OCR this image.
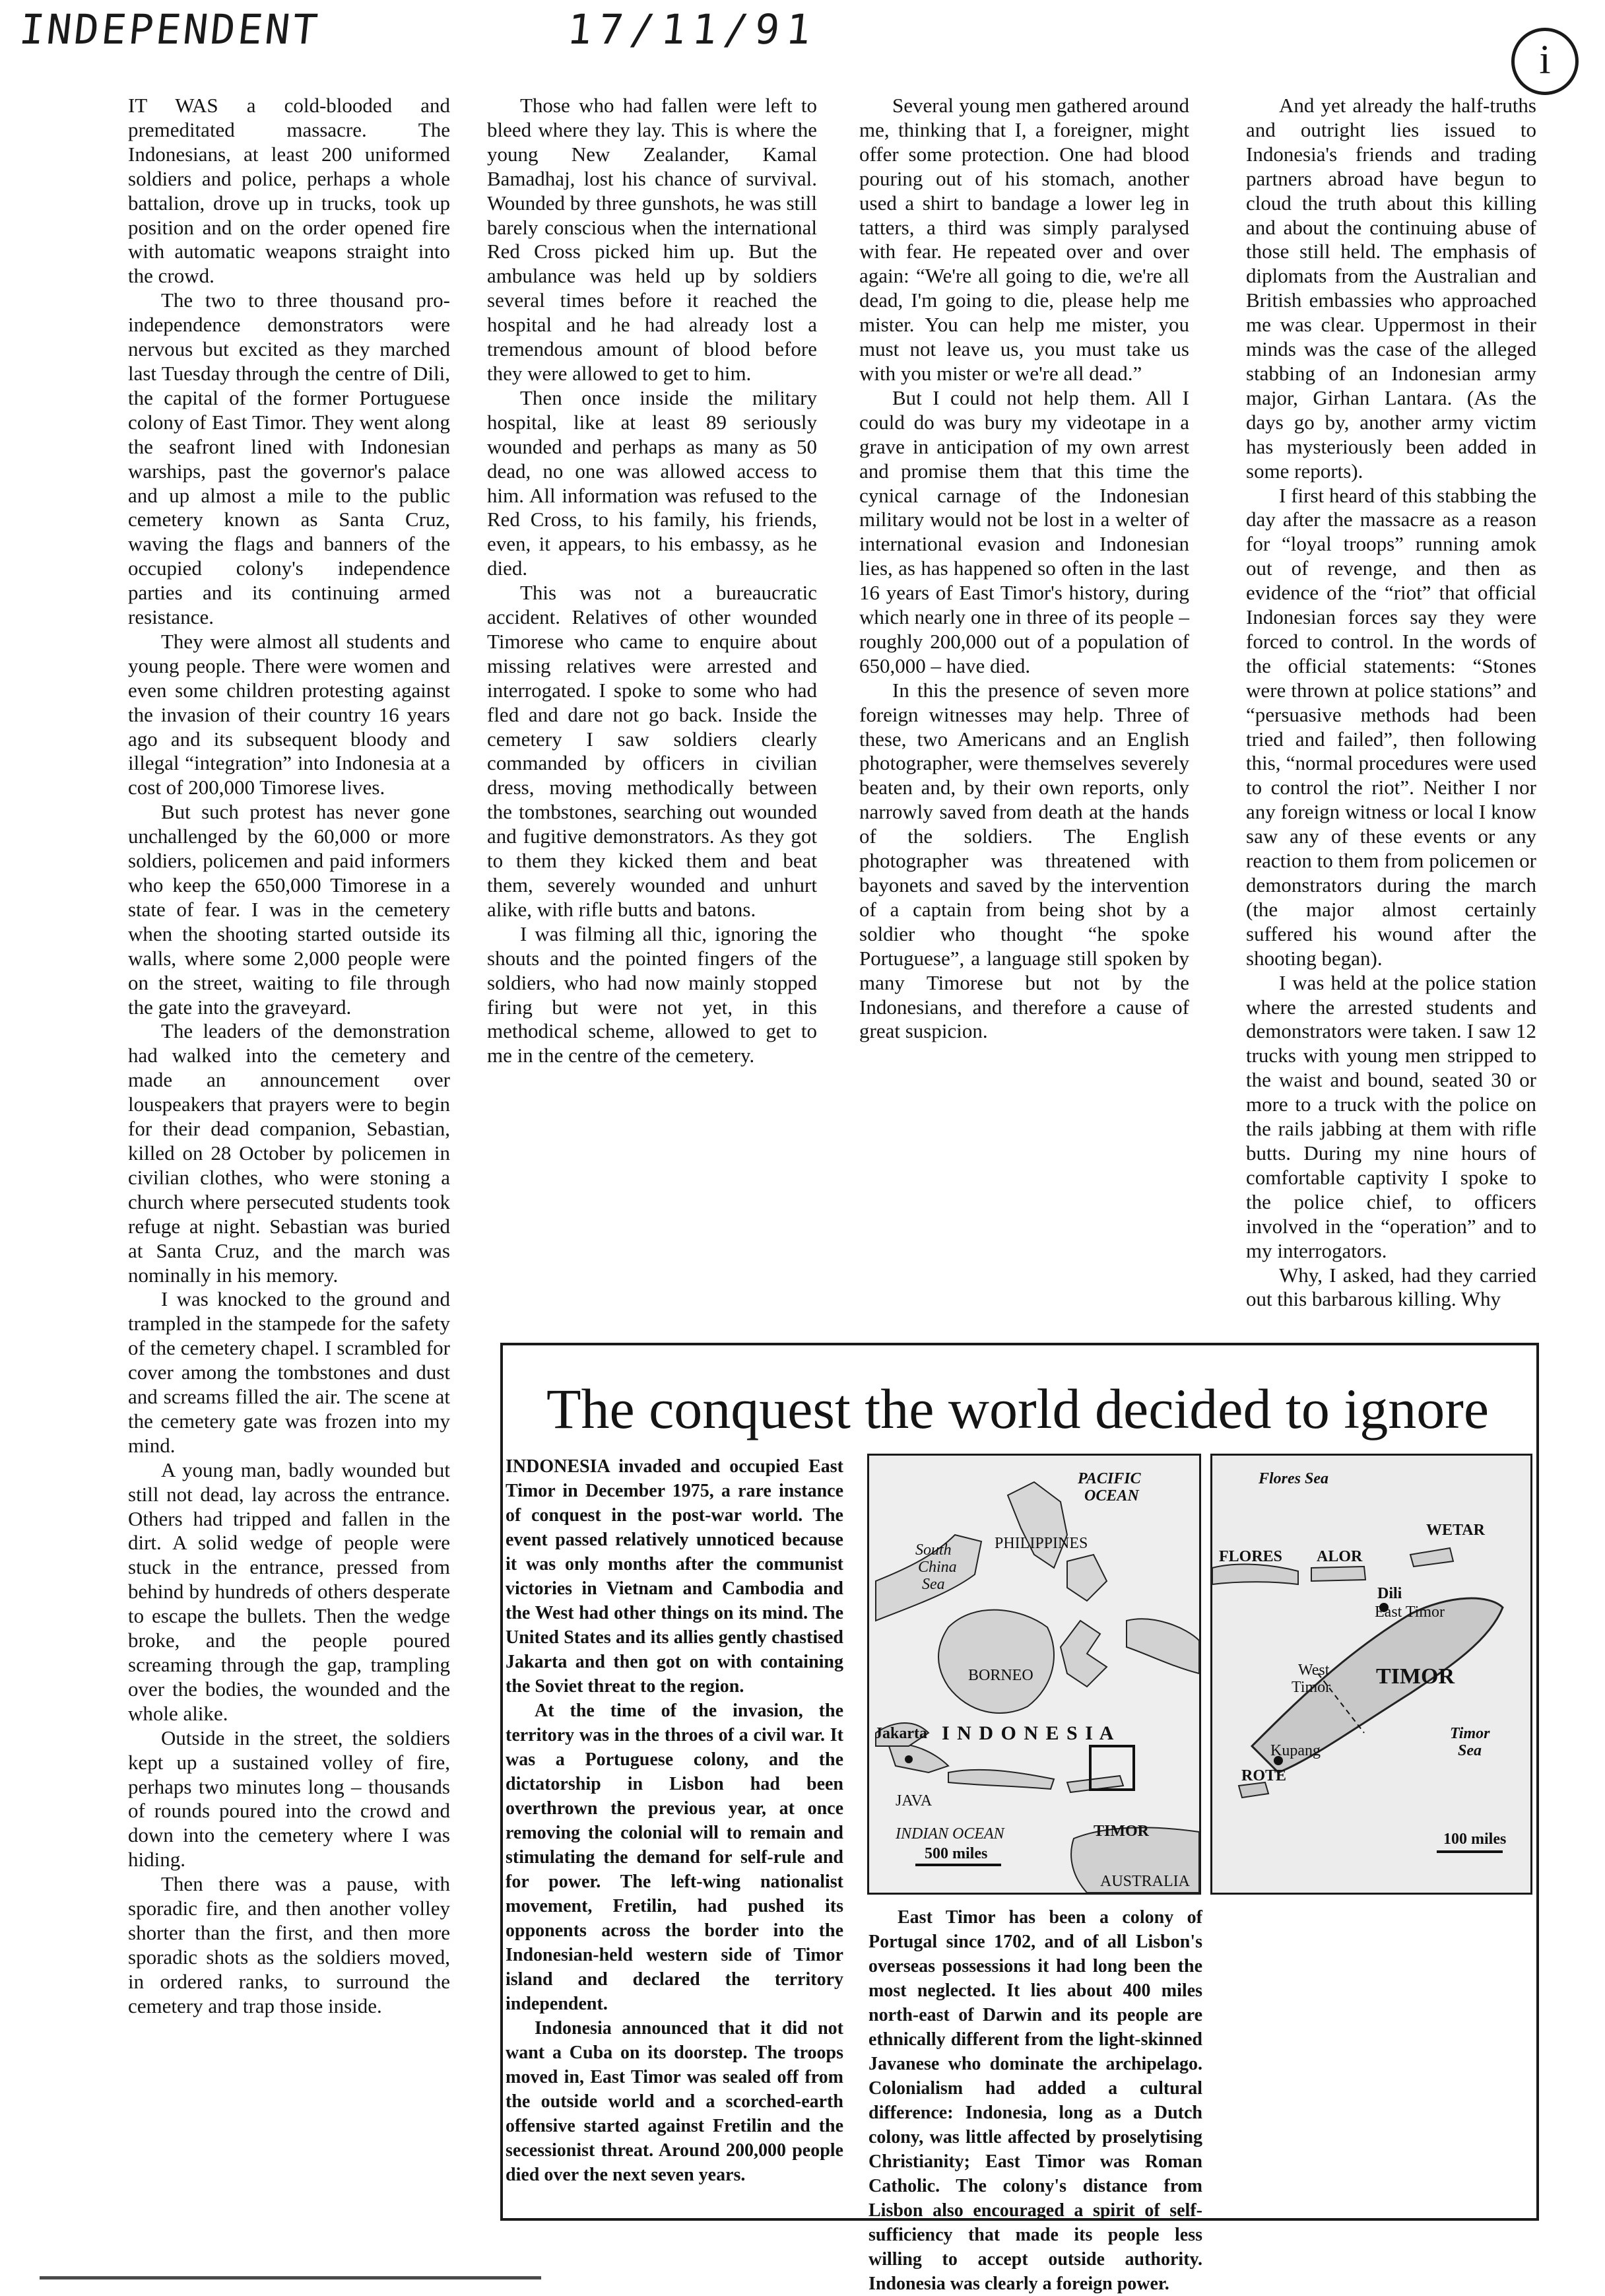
INDEPENDENT	17/11/91
i

IT WAS a cold-blooded and premeditated massacre. The Indonesians, at least 200 uniformed soldiers and police, perhaps a whole battalion, drove up in trucks, took up position and on the order opened fire with automatic weapons straight into the crowd.

The two to three thousand pro-independence demonstrators were nervous but excited as they marched last Tuesday through the centre of Dili, the capital of the former Portuguese colony of East Timor. They went along the seafront lined with Indonesian warships, past the governor's palace and up almost a mile to the public cemetery known as Santa Cruz, waving the flags and banners of the occupied colony's independence parties and its continuing armed resistance.

They were almost all students and young people. There were women and even some children protesting against the invasion of their country 16 years ago and its subsequent bloody and illegal “integration” into Indonesia at a cost of 200,000 Timorese lives.

But such protest has never gone unchallenged by the 60,000 or more soldiers, policemen and paid informers who keep the 650,000 Timorese in a state of fear. I was in the cemetery when the shooting started outside its walls, where some 2,000 people were on the street, waiting to file through the gate into the graveyard.

The leaders of the demonstration had walked into the cemetery and made an announcement over louspeakers that prayers were to begin for their dead companion, Sebastian, killed on 28 October by policemen in civilian clothes, who were stoning a church where persecuted students took refuge at night. Sebastian was buried at Santa Cruz, and the march was nominally in his memory.

I was knocked to the ground and trampled in the stampede for the safety of the cemetery chapel. I scrambled for cover among the tombstones and dust and screams filled the air. The scene at the cemetery gate was frozen into my mind.

A young man, badly wounded but still not dead, lay across the entrance. Others had tripped and fallen in the dirt. A solid wedge of people were stuck in the entrance, pressed from behind by hundreds of others desperate to escape the bullets. Then the wedge broke, and the people poured screaming through the gap, trampling over the bodies, the wounded and the whole alike.

Outside in the street, the soldiers kept up a sustained volley of fire, perhaps two minutes long – thousands of rounds poured into the crowd and down into the cemetery where I was hiding.

Then there was a pause, with sporadic fire, and then another volley shorter than the first, and then more sporadic shots as the soldiers moved, in ordered ranks, to surround the cemetery and trap those inside.

Those who had fallen were left to bleed where they lay. This is where the young New Zealander, Kamal Bamadhaj, lost his chance of survival. Wounded by three gunshots, he was still barely conscious when the international Red Cross picked him up. But the ambulance was held up by soldiers several times before it reached the hospital and he had already lost a tremendous amount of blood before they were allowed to get to him.

Then once inside the military hospital, like at least 89 seriously wounded and perhaps as many as 50 dead, no one was allowed access to him. All information was refused to the Red Cross, to his family, his friends, even, it appears, to his embassy, as he died.

This was not a bureaucratic accident. Relatives of other wounded Timorese who came to enquire about missing relatives were arrested and interrogated. I spoke to some who had fled and dare not go back. Inside the cemetery I saw soldiers clearly commanded by officers in civilian dress, moving methodically between the tombstones, searching out wounded and fugitive demonstrators. As they got to them they kicked them and beat them, severely wounded and unhurt alike, with rifle butts and batons.

I was filming all thic, ignoring the shouts and the pointed fingers of the soldiers, who had now mainly stopped firing but were not yet, in this methodical scheme, allowed to get to me in the centre of the cemetery.

Several young men gathered around me, thinking that I, a foreigner, might offer some protection. One had blood pouring out of his stomach, another used a shirt to bandage a lower leg in tatters, a third was simply paralysed with fear. He repeated over and over again: “We're all going to die, we're all dead, I'm going to die, please help me mister. You can help me mister, you must not leave us, you must take us with you mister or we're all dead.”

But I could not help them. All I could do was bury my videotape in a grave in anticipation of my own arrest and promise them that this time the cynical carnage of the Indonesian military would not be lost in a welter of international evasion and Indonesian lies, as has happened so often in the last 16 years of East Timor's history, during which nearly one in three of its people – roughly 200,000 out of a population of 650,000 – have died.

In this the presence of seven more foreign witnesses may help. Three of these, two Americans and an English photographer, were themselves severely beaten and, by their own reports, only narrowly saved from death at the hands of the soldiers. The English photographer was threatened with bayonets and saved by the intervention of a captain from being shot by a soldier who thought “he spoke Portuguese”, a language still spoken by many Timorese but not by the Indonesians, and therefore a cause of great suspicion.

And yet already the half-truths and outright lies issued to Indonesia's friends and trading partners abroad have begun to cloud the truth about this killing and about the continuing abuse of those still held. The emphasis of diplomats from the Australian and British embassies who approached me was clear. Uppermost in their minds was the case of the alleged stabbing of an Indonesian army major, Girhan Lantara. (As the days go by, another army victim has mysteriously been added in some reports).

I first heard of this stabbing the day after the massacre as a reason for “loyal troops” running amok out of revenge, and then as evidence of the “riot” that official Indonesian forces say they were forced to control. In the words of the official statements: “Stones were thrown at police stations” and “persuasive methods had been tried and failed”, then following this, “normal procedures were used to control the riot”. Neither I nor any foreign witness or local I know saw any of these events or any reaction to them from policemen or demonstrators during the march (the major almost certainly suffered his wound after the shooting began).

I was held at the police station where the arrested students and demonstrators were taken. I saw 12 trucks with young men stripped to the waist and bound, seated 30 or more to a truck with the police on the rails jabbing at them with rifle butts. During my nine hours of comfortable captivity I spoke to the police chief, to officers involved in the “operation” and to my interrogators.

Why, I asked, had they carried out this barbarous killing. Why

The conquest the world decided to ignore

INDONESIA invaded and occupied East Timor in December 1975, a rare instance of conquest in the post-war world. The event passed relatively unnoticed because it was only months after the communist victories in Vietnam and Cambodia and the West had other things on its mind. The United States and its allies gently chastised Jakarta and then got on with containing the Soviet threat to the region.

At the time of the invasion, the territory was in the throes of a civil war. It was a Portuguese colony, and the dictatorship in Lisbon had been overthrown the previous year, at once removing the colonial will to remain and stimulating the demand for self-rule and for power. The left-wing nationalist movement, Fretilin, had pushed its opponents across the border into the Indonesian-held western side of Timor island and declared the territory independent.

Indonesia announced that it did not want a Cuba on its doorstep. The troops moved in, East Timor was sealed off from the outside world and a scorched-earth offensive started against Fretilin and the secessionist threat. Around 200,000 people died over the next seven years.

East Timor has been a colony of Portugal since 1702, and of all Lisbon's overseas possessions it had long been the most neglected. It lies about 400 miles north-east of Darwin and its people are ethnically different from the light-skinned Javanese who dominate the archipelago. Colonialism had added a cultural difference: Indonesia, long as a Dutch colony, was little affected by proselytising Christianity; East Timor was Roman Catholic. The colony's distance from Lisbon also encouraged a spirit of self-sufficiency that made its people less willing to accept outside authority. Indonesia was clearly a foreign power.

PACIFIC
OCEAN
PHILIPPINES
South
China
Sea
BORNEO
Jakarta I N D O N E S I A
JAVA
INDIAN OCEAN	TIMOR
500 miles
AUSTRALIA
Flores Sea
WETAR
FLORES ALOR
Dili
East Timor
West
Timor TIMOR
Kupang
ROTE
Timor
Sea
100 miles
